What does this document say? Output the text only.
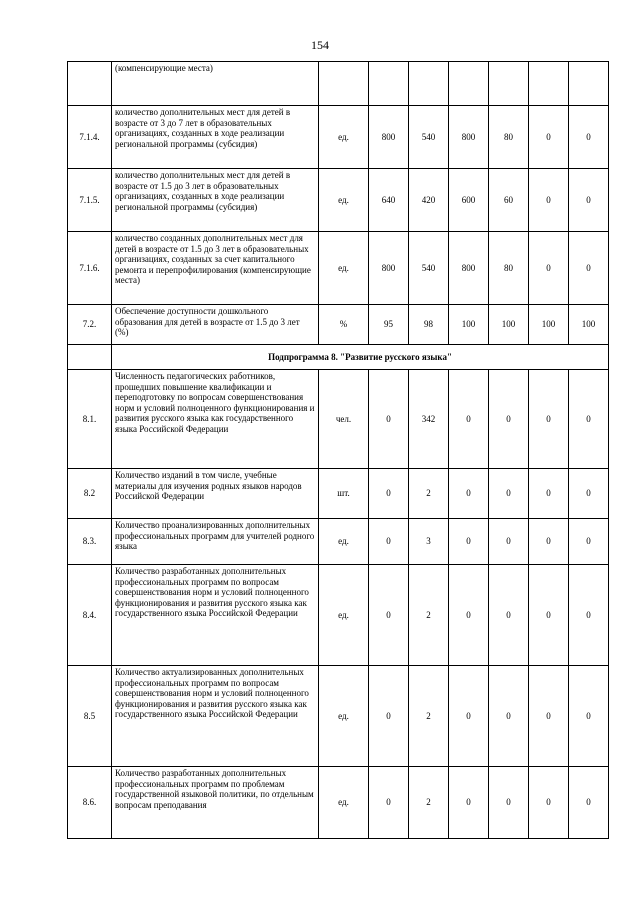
154
	(компенсирующие места)							
7.1.4.	количество дополнительных мест для детей в возрасте от 3 до 7 лет в образовательных организациях, созданных в ходе реализации региональной программы (субсидия)	ед.	800	540	800	80	0	0
7.1.5.	количество дополнительных мест для детей в возрасте от 1.5 до 3 лет в образовательных организациях, созданных в ходе реализации региональной программы (субсидия)	ед.	640	420	600	60	0	0
7.1.6.	количество созданных дополнительных мест для детей в возрасте от 1.5 до 3 лет в образовательных организациях, созданных за счет капитального ремонта и перепрофилирования (компенсирующие места)	ед.	800	540	800	80	0	0
7.2.	Обеспечение доступности дошкольного образования для детей в возрасте от 1.5 до 3 лет (%)	%	95	98	100	100	100	100
	Подпрограмма 8. "Развитие русского языка"							
8.1.	Численность педагогических работников, прошедших повышение квалификации и переподготовку по вопросам совершенствования норм и условий полноценного функционирования и развития русского языка как государственного языка Российской Федерации	чел.	0	342	0	0	0	0
8.2	Количество изданий в том числе, учебные материалы для изучения родных языков народов Российской Федерации	шт.	0	2	0	0	0	0
8.3.	Количество проанализированных дополнительных профессиональных программ для учителей родного языка	ед.	0	3	0	0	0	0
8.4.	Количество разработанных дополнительных профессиональных программ по вопросам совершенствования норм и условий полноценного функционирования и развития русского языка как государственного языка Российской Федерации	ед.	0	2	0	0	0	0
8.5	Количество актуализированных дополнительных профессиональных программ по вопросам совершенствования норм и условий полноценного функционирования и развития русского языка как государственного языка Российской Федерации	ед.	0	2	0	0	0	0
8.6.	Количество разработанных дополнительных профессиональных программ по проблемам государственной языковой политики, по отдельным вопросам преподавания	ед.	0	2	0	0	0	0
